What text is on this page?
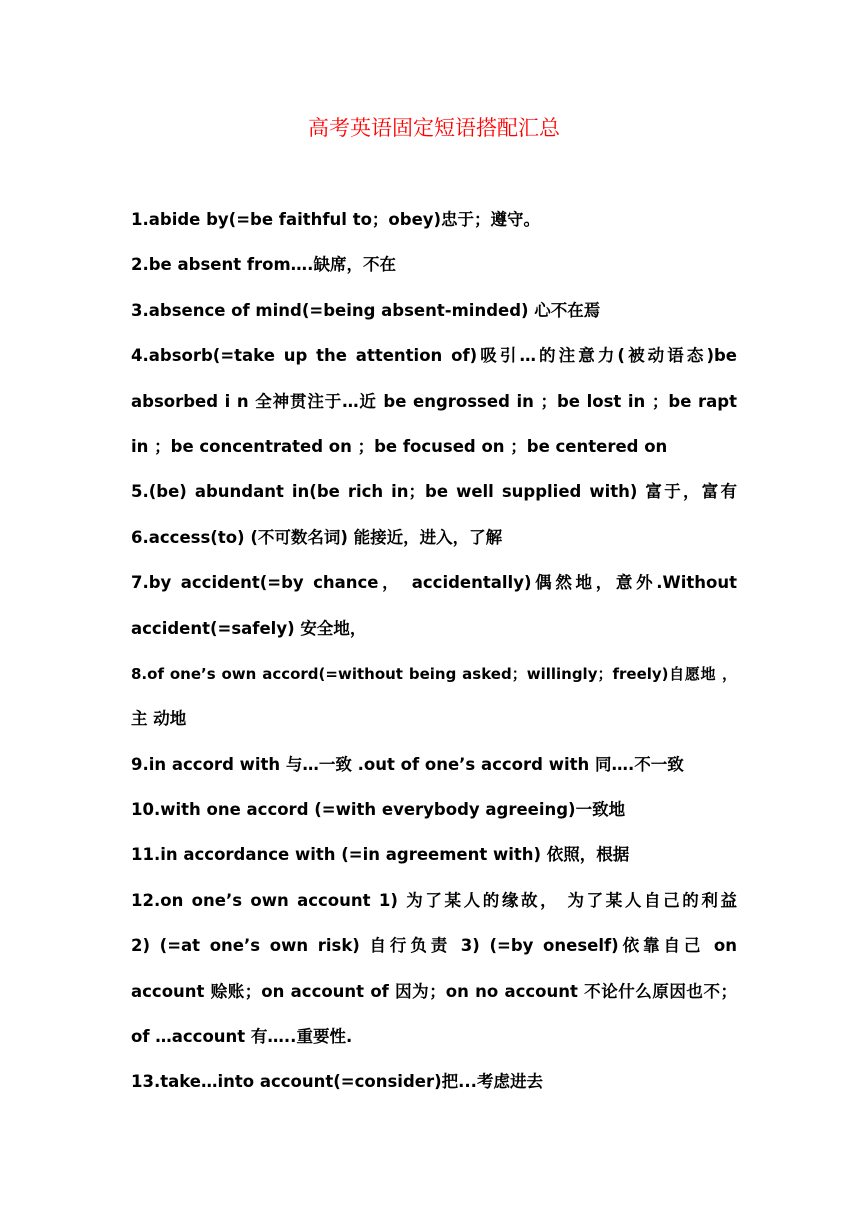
高考英语固定短语搭配汇总
1.abide by(=be faithful to；obey)忠于；遵守。
2.be absent from….缺席，不在
3.absence of mind(=being absent-minded) 心不在焉
4.absorb(=take up the attention of)吸引…的注意力(被动语态)be
absorbed i n 全神贯注于…近 be engrossed in ；be lost in ；be rapt
in ；be concentrated on ；be focused on ；be centered on
5.(be) abundant in(be rich in；be well supplied with) 富于，富有
6.access(to) (不可数名词) 能接近，进入，了解
7.by accident(=by chance， accidentally)偶然地，意外.Without
accident(=safely) 安全地，
8.of one’s own accord(=without being asked；willingly；freely)自愿地 ，
主 动地
9.in accord with 与…一致 .out of one’s accord with 同….不一致
10.with one accord (=with everybody agreeing)一致地
11.in accordance with (=in agreement with) 依照，根据
12.on one’s own account 1) 为了某人的缘故， 为了某人自己的利益
2) (=at one’s own risk) 自行负责 3) (=by oneself)依靠自己 on
account 赊账；on account of 因为；on no account 不论什么原因也不；
of …account 有…..重要性.
13.take…into account(=consider)把...考虑进去
